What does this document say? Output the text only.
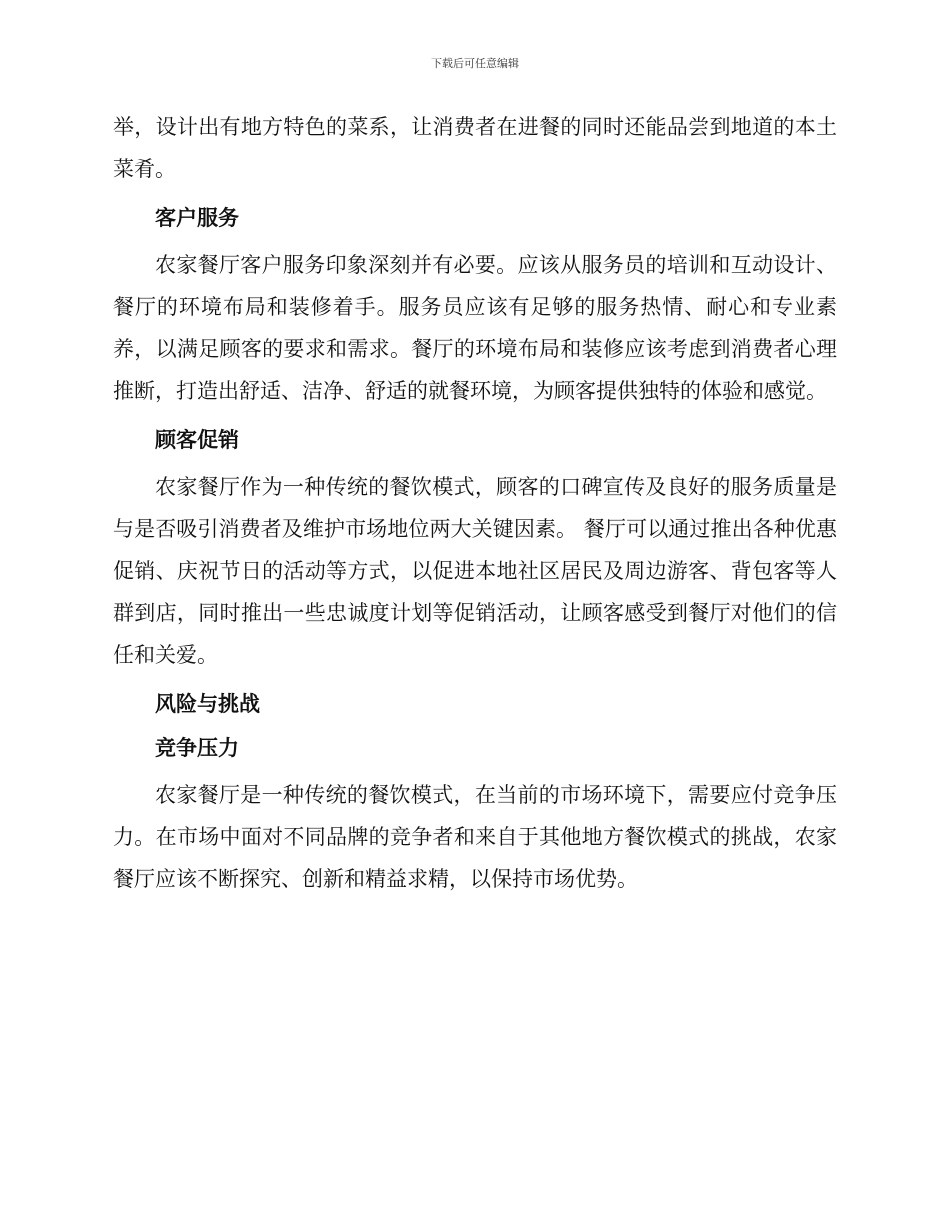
下载后可任意编辑

举，设计出有地方特色的菜系，让消费者在进餐的同时还能品尝到地道的本土菜肴。

客户服务

农家餐厅客户服务印象深刻并有必要。应该从服务员的培训和互动设计、餐厅的环境布局和装修着手。服务员应该有足够的服务热情、耐心和专业素养，以满足顾客的要求和需求。餐厅的环境布局和装修应该考虑到消费者心理推断，打造出舒适、洁净、舒适的就餐环境，为顾客提供独特的体验和感觉。

顾客促销

农家餐厅作为一种传统的餐饮模式，顾客的口碑宣传及良好的服务质量是与是否吸引消费者及维护市场地位两大关键因素。 餐厅可以通过推出各种优惠促销、庆祝节日的活动等方式，以促进本地社区居民及周边游客、背包客等人群到店，同时推出一些忠诚度计划等促销活动，让顾客感受到餐厅对他们的信任和关爱。

风险与挑战
竞争压力

农家餐厅是一种传统的餐饮模式，在当前的市场环境下，需要应付竞争压力。在市场中面对不同品牌的竞争者和来自于其他地方餐饮模式的挑战，农家餐厅应该不断探究、创新和精益求精，以保持市场优势。
